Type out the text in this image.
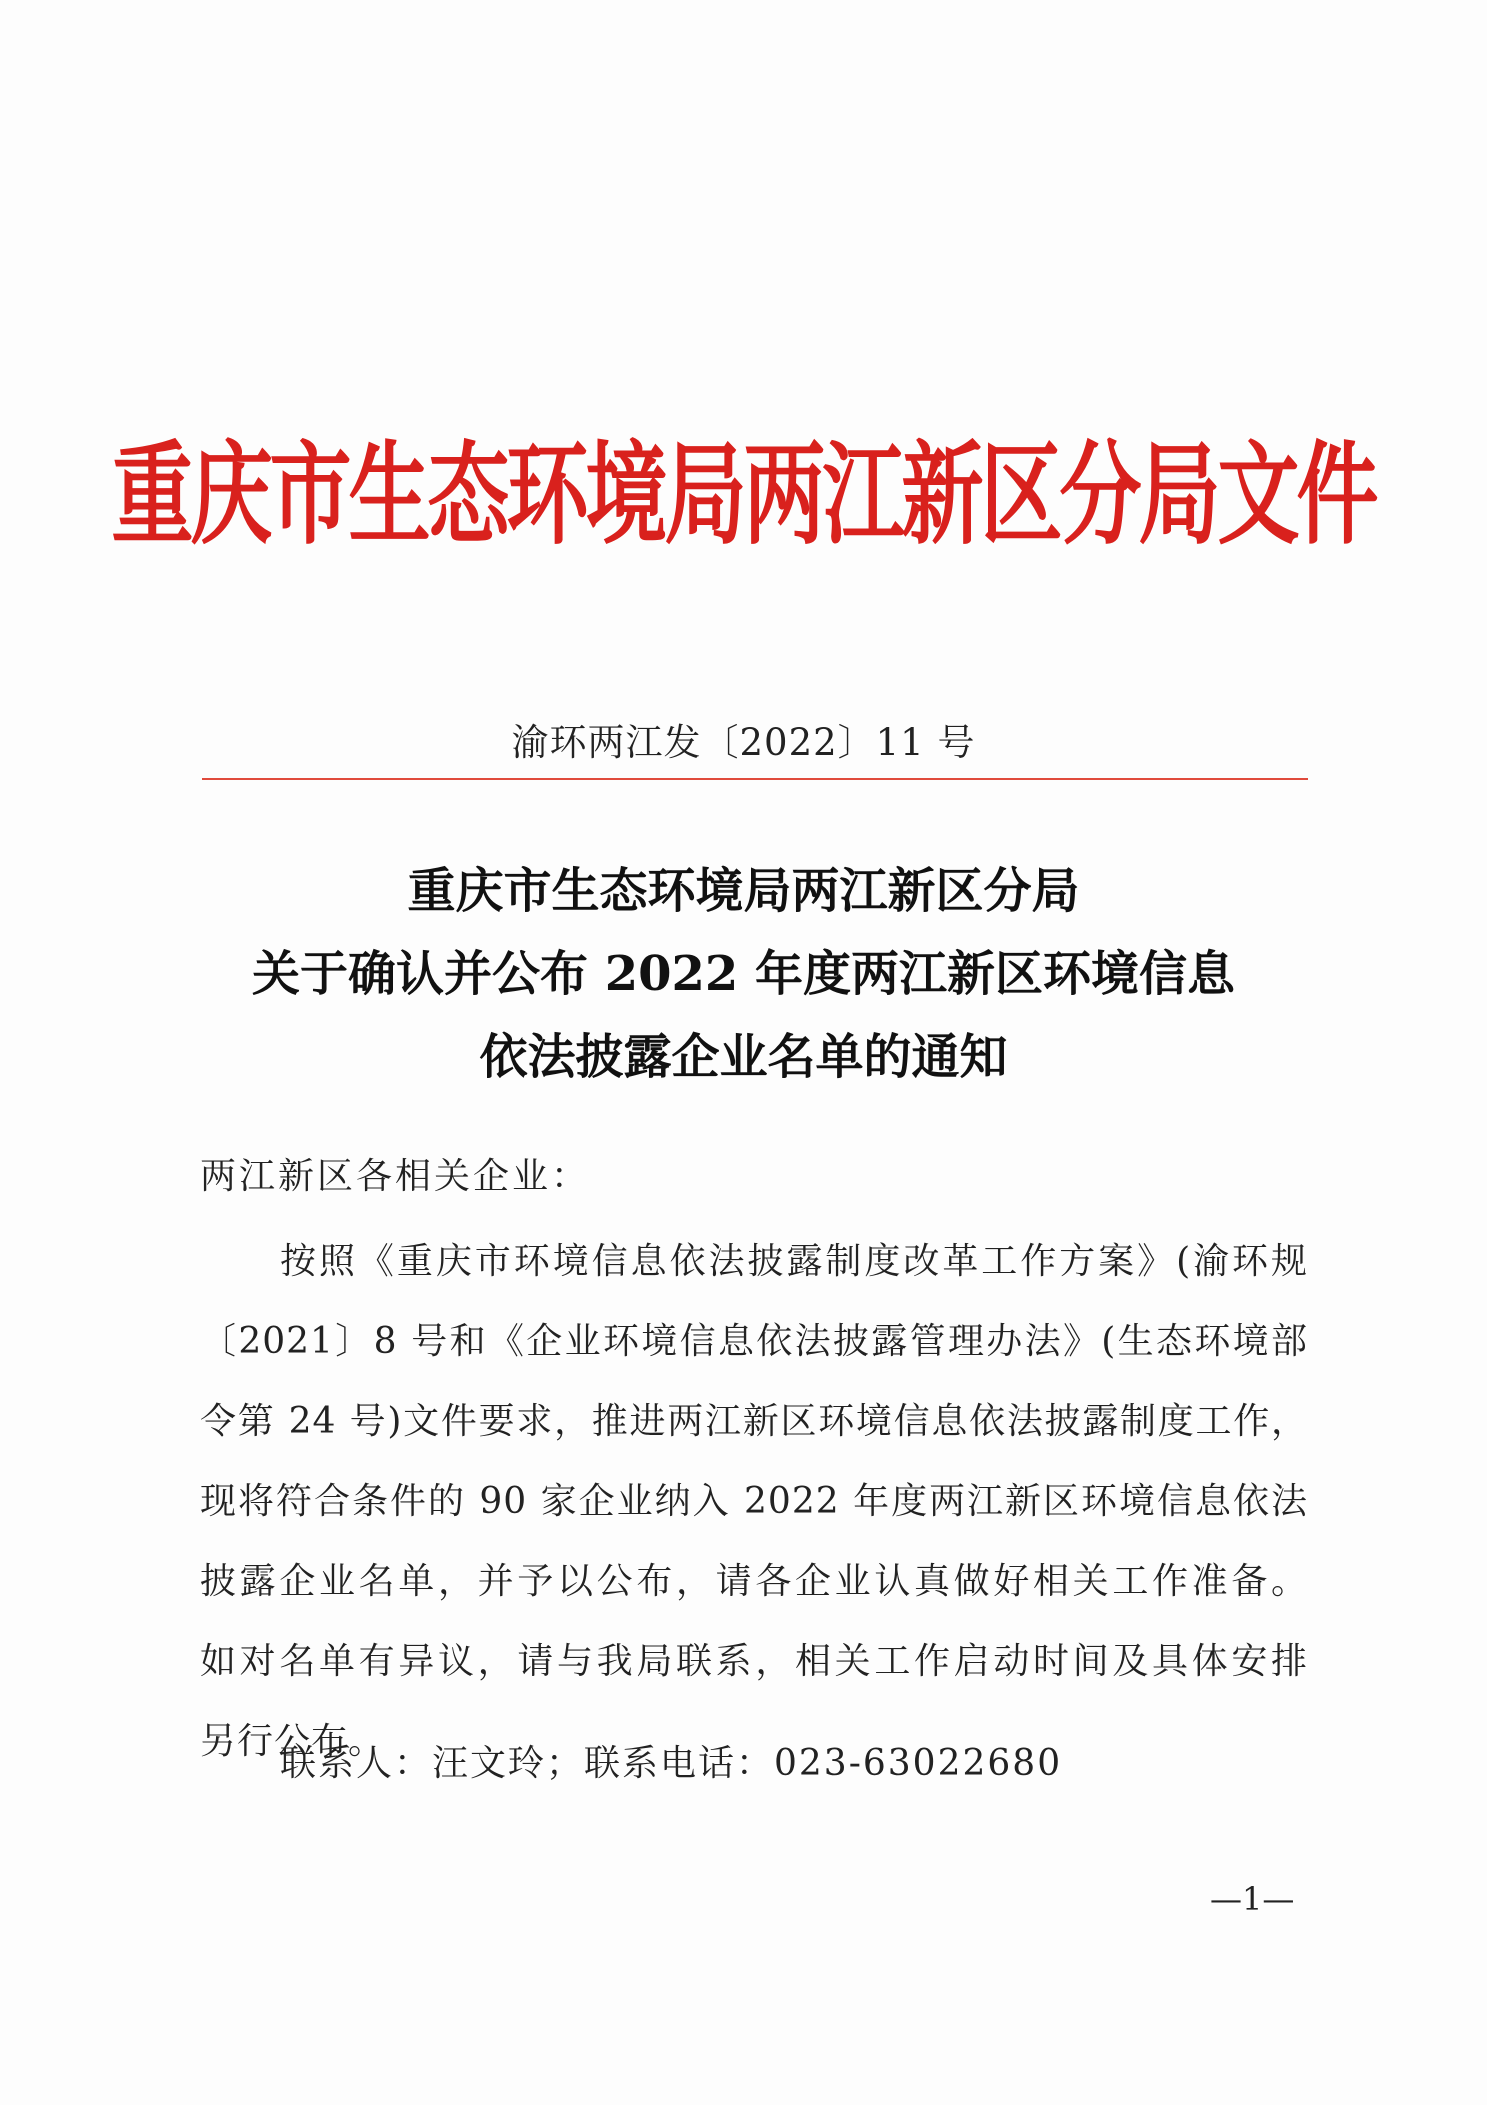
重庆市生态环境局两江新区分局文件
渝环两江发〔2022〕11 号
重庆市生态环境局两江新区分局
关于确认并公布 2022 年度两江新区环境信息
依法披露企业名单的通知
两江新区各相关企业：
按照《重庆市环境信息依法披露制度改革工作方案》(渝环规
〔2021〕8 号和《企业环境信息依法披露管理办法》(生态环境部
令第 24 号)文件要求，推进两江新区环境信息依法披露制度工作，
现将符合条件的 90 家企业纳入 2022 年度两江新区环境信息依法
披露企业名单，并予以公布，请各企业认真做好相关工作准备。
如对名单有异议，请与我局联系，相关工作启动时间及具体安排
另行公布。
联系人：汪文玲；联系电话：023-63022680
—1—
